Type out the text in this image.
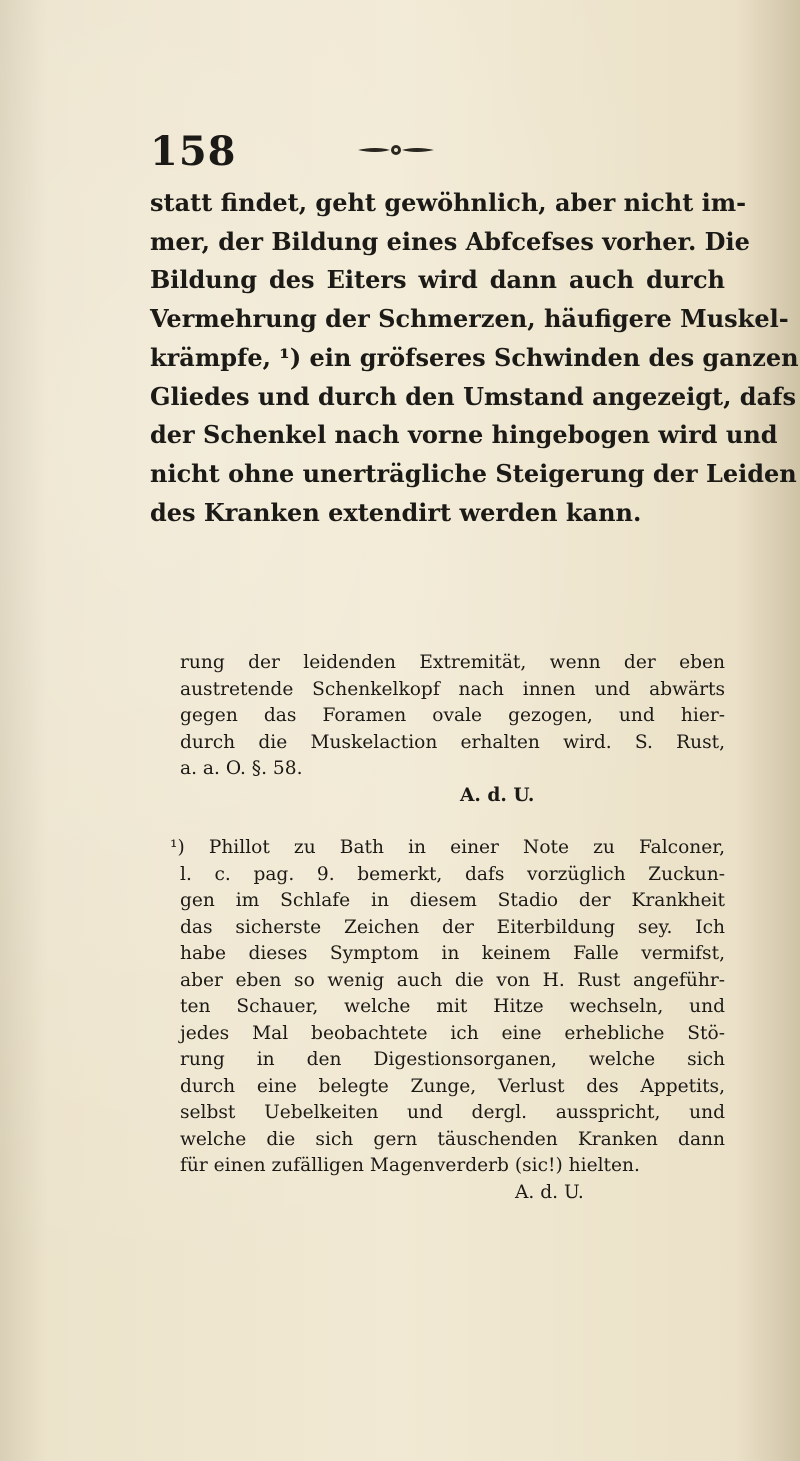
158
statt findet, geht gewöhnlich, aber nicht im-
mer, der Bildung eines Abfcefses vorher. Die
Bildung des Eiters wird dann auch durch
Vermehrung der Schmerzen, häufigere Muskel-
krämpfe, ¹) ein gröfseres Schwinden des ganzen
Gliedes und durch den Umstand angezeigt, dafs
der Schenkel nach vorne hingebogen wird und
nicht ohne unerträgliche Steigerung der Leiden
des Kranken extendirt werden kann.
rung der leidenden Extremität, wenn der eben
austretende Schenkelkopf nach innen und abwärts
gegen das Foramen ovale gezogen, und hier-
durch die Muskelaction erhalten wird. S. Rust,
a. a. O. §. 58.
A. d. U.
¹) Phillot zu Bath in einer Note zu Falconer,
l. c. pag. 9. bemerkt, dafs vorzüglich Zuckun-
gen im Schlafe in diesem Stadio der Krankheit
das sicherste Zeichen der Eiterbildung sey. Ich
habe dieses Symptom in keinem Falle vermifst,
aber eben so wenig auch die von H. Rust angeführ-
ten Schauer, welche mit Hitze wechseln, und
jedes Mal beobachtete ich eine erhebliche Stö-
rung in den Digestionsorganen, welche sich
durch eine belegte Zunge, Verlust des Appetits,
selbst Uebelkeiten und dergl. ausspricht, und
welche die sich gern täuschenden Kranken dann
für einen zufälligen Magenverderb (sic!) hielten.
A. d. U.
